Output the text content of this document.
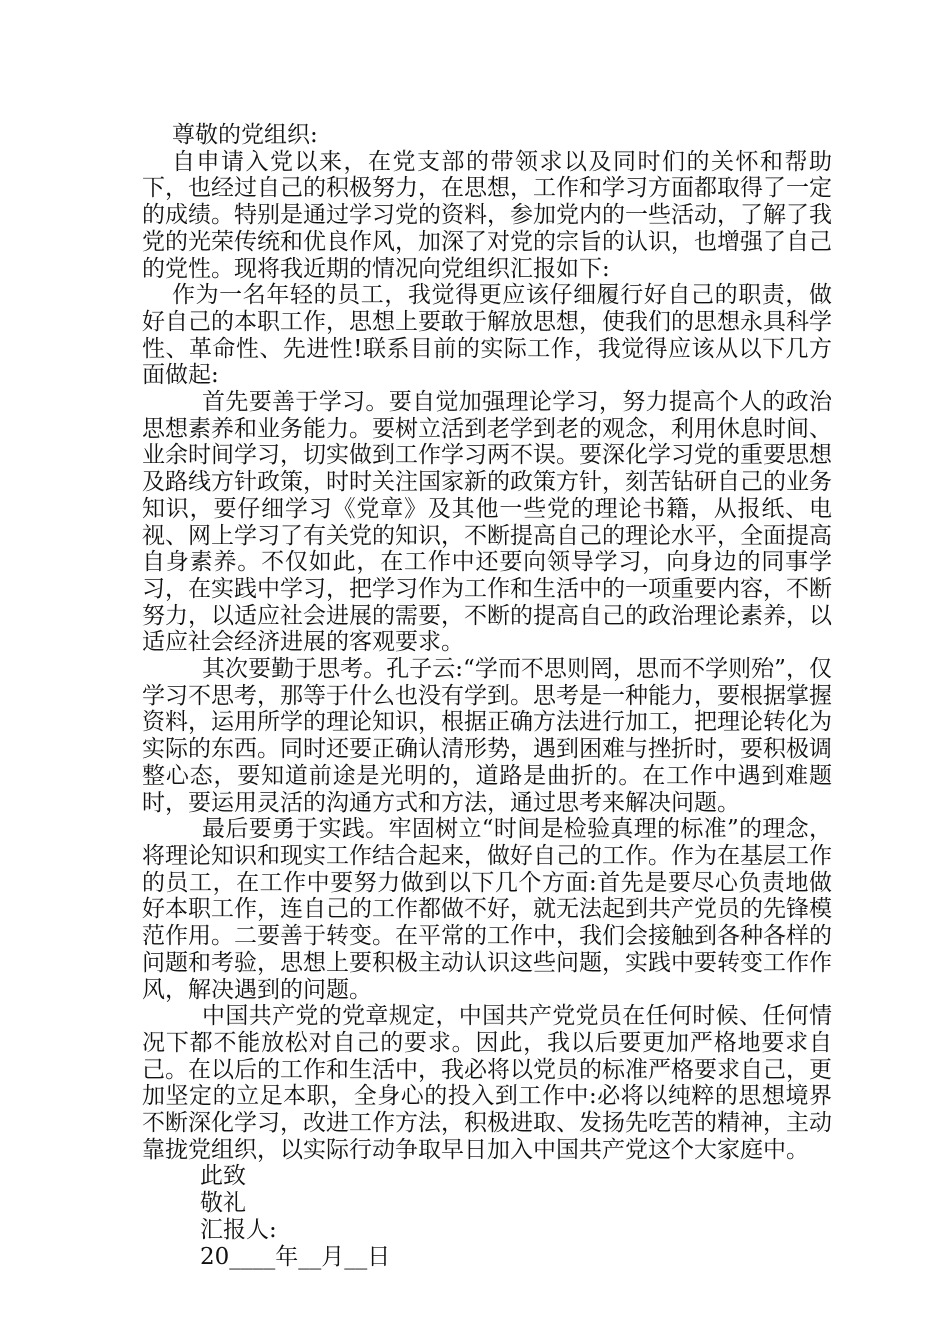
尊敬的党组织:

自申请入党以来，在党支部的带领求以及同时们的关怀和帮助下，也经过自己的积极努力，在思想，工作和学习方面都取得了一定的成绩。特别是通过学习党的资料，参加党内的一些活动，了解了我党的光荣传统和优良作风，加深了对党的宗旨的认识，也增强了自己的党性。现将我近期的情况向党组织汇报如下:

作为一名年轻的员工，我觉得更应该仔细履行好自己的职责，做好自己的本职工作，思想上要敢于解放思想，使我们的思想永具科学性、革命性、先进性!联系目前的实际工作，我觉得应该从以下几方面做起:

首先要善于学习。要自觉加强理论学习，努力提高个人的政治思想素养和业务能力。要树立活到老学到老的观念，利用休息时间、业余时间学习，切实做到工作学习两不误。要深化学习党的重要思想及路线方针政策，时时关注国家新的政策方针，刻苦钻研自己的业务知识，要仔细学习《党章》及其他一些党的理论书籍，从报纸、电视、网上学习了有关党的知识，不断提高自己的理论水平，全面提高自身素养。不仅如此，在工作中还要向领导学习，向身边的同事学习，在实践中学习，把学习作为工作和生活中的一项重要内容，不断努力，以适应社会进展的需要，不断的提高自己的政治理论素养，以适应社会经济进展的客观要求。

其次要勤于思考。孔子云:“学而不思则罔，思而不学则殆”，仅学习不思考，那等于什么也没有学到。思考是一种能力，要根据掌握资料，运用所学的理论知识，根据正确方法进行加工，把理论转化为实际的东西。同时还要正确认清形势，遇到困难与挫折时，要积极调整心态，要知道前途是光明的，道路是曲折的。在工作中遇到难题时，要运用灵活的沟通方式和方法，通过思考来解决问题。

最后要勇于实践。牢固树立“时间是检验真理的标准”的理念，将理论知识和现实工作结合起来，做好自己的工作。作为在基层工作的员工，在工作中要努力做到以下几个方面:首先是要尽心负责地做好本职工作，连自己的工作都做不好，就无法起到共产党员的先锋模范作用。二要善于转变。在平常的工作中，我们会接触到各种各样的问题和考验，思想上要积极主动认识这些问题，实践中要转变工作作风，解决遇到的问题。

中国共产党的党章规定，中国共产党党员在任何时候、任何情况下都不能放松对自己的要求。因此，我以后要更加严格地要求自己。在以后的工作和生活中，我必将以党员的标准严格要求自己，更加坚定的立足本职，全身心的投入到工作中:必将以纯粹的思想境界不断深化学习，改进工作方法，积极进取、发扬先吃苦的精神，主动靠拢党组织，以实际行动争取早日加入中国共产党这个大家庭中。

此致

敬礼

汇报人:

20____年__月__日
